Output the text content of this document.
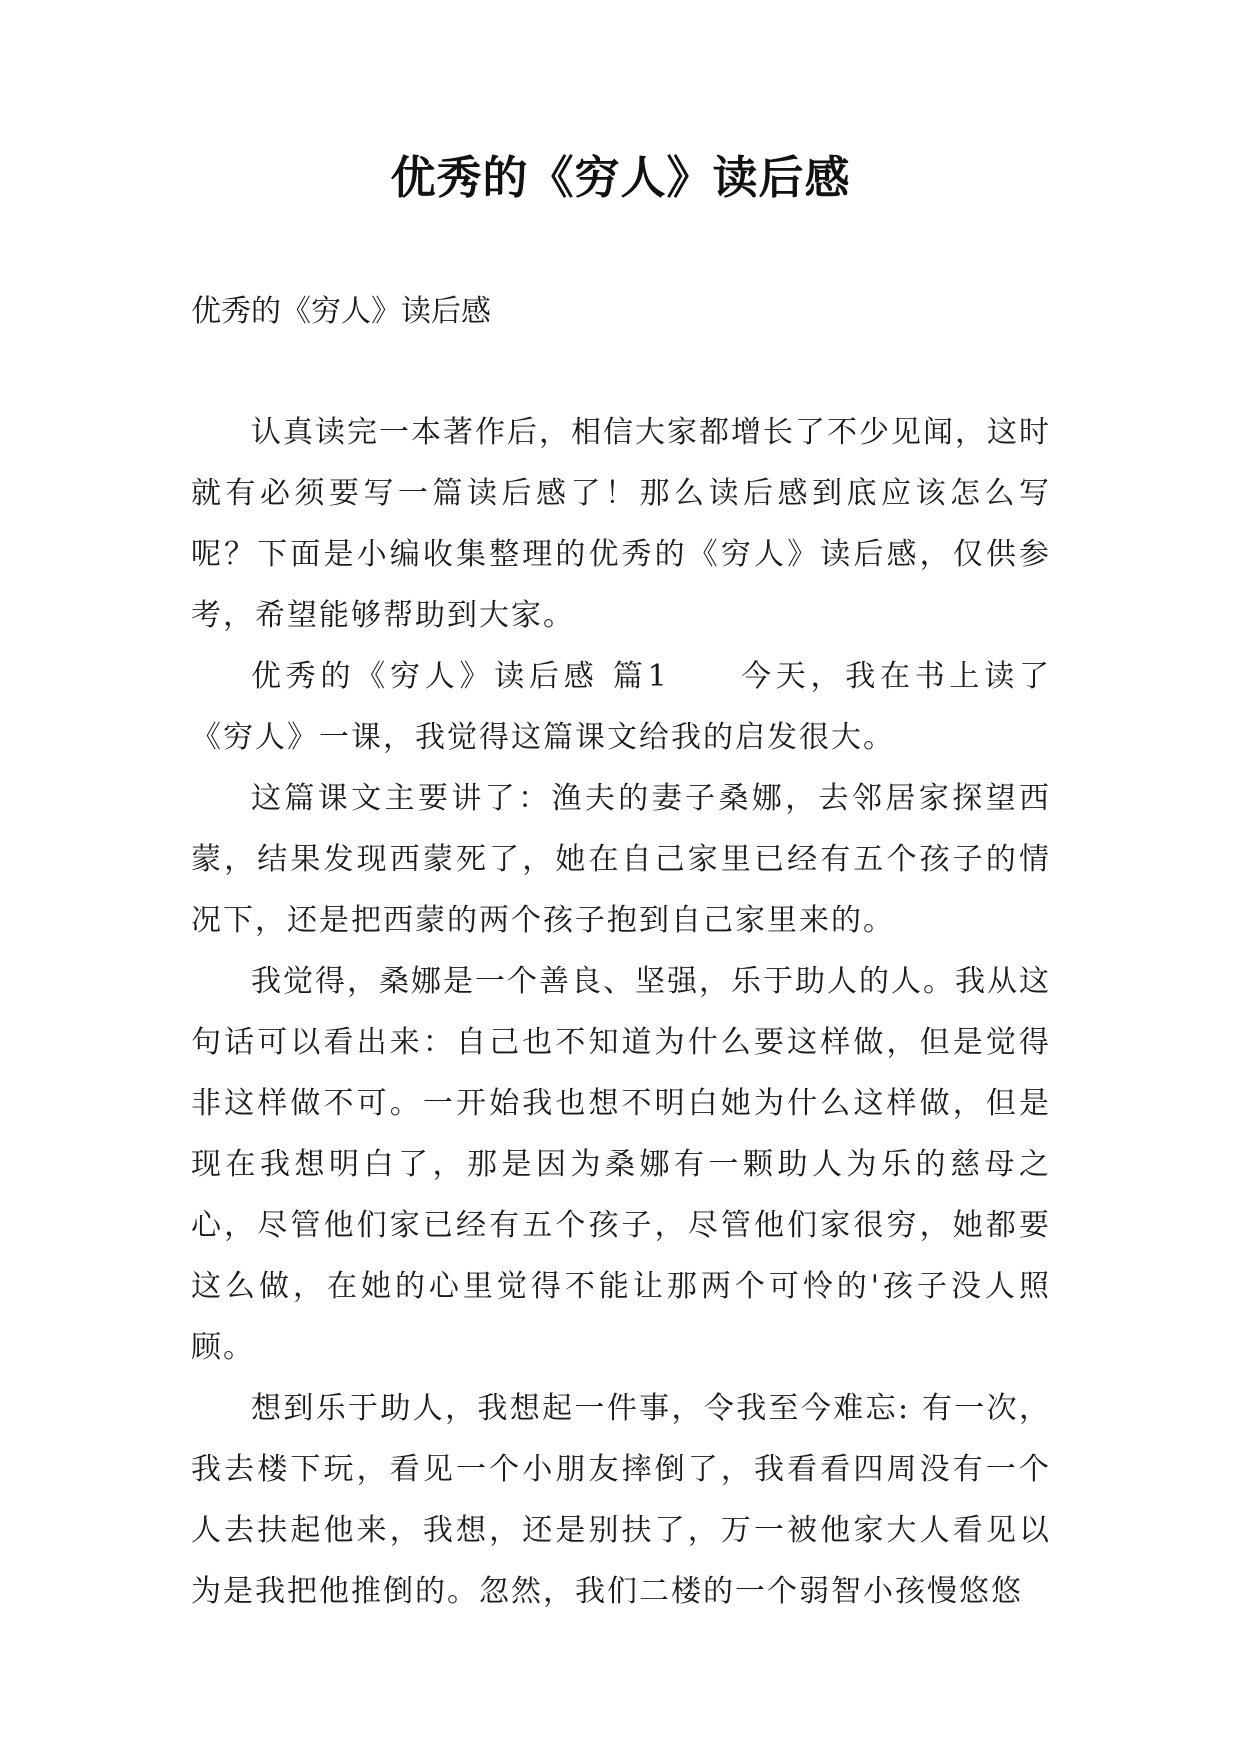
优秀的《穷人》读后感
优秀的《穷人》读后感

认真读完一本著作后，相信大家都增长了不少见闻，这时就有必须要写一篇读后感了！那么读后感到底应该怎么写呢？下面是小编收集整理的优秀的《穷人》读后感，仅供参考，希望能够帮助到大家。

优秀的《穷人》读后感 篇1　　今天，我在书上读了《穷人》一课，我觉得这篇课文给我的启发很大。

这篇课文主要讲了：渔夫的妻子桑娜，去邻居家探望西蒙，结果发现西蒙死了，她在自己家里已经有五个孩子的情况下，还是把西蒙的两个孩子抱到自己家里来的。

我觉得，桑娜是一个善良、坚强，乐于助人的人。我从这句话可以看出来：自己也不知道为什么要这样做，但是觉得非这样做不可。一开始我也想不明白她为什么这样做，但是现在我想明白了，那是因为桑娜有一颗助人为乐的慈母之心，尽管他们家已经有五个孩子，尽管他们家很穷，她都要这么做，在她的心里觉得不能让那两个可怜的'孩子没人照顾。

想到乐于助人，我想起一件事，令我至今难忘: 有一次，我去楼下玩，看见一个小朋友摔倒了，我看看四周没有一个人去扶起他来，我想，还是别扶了，万一被他家大人看见以为是我把他推倒的。忽然，我们二楼的一个弱智小孩慢悠悠
